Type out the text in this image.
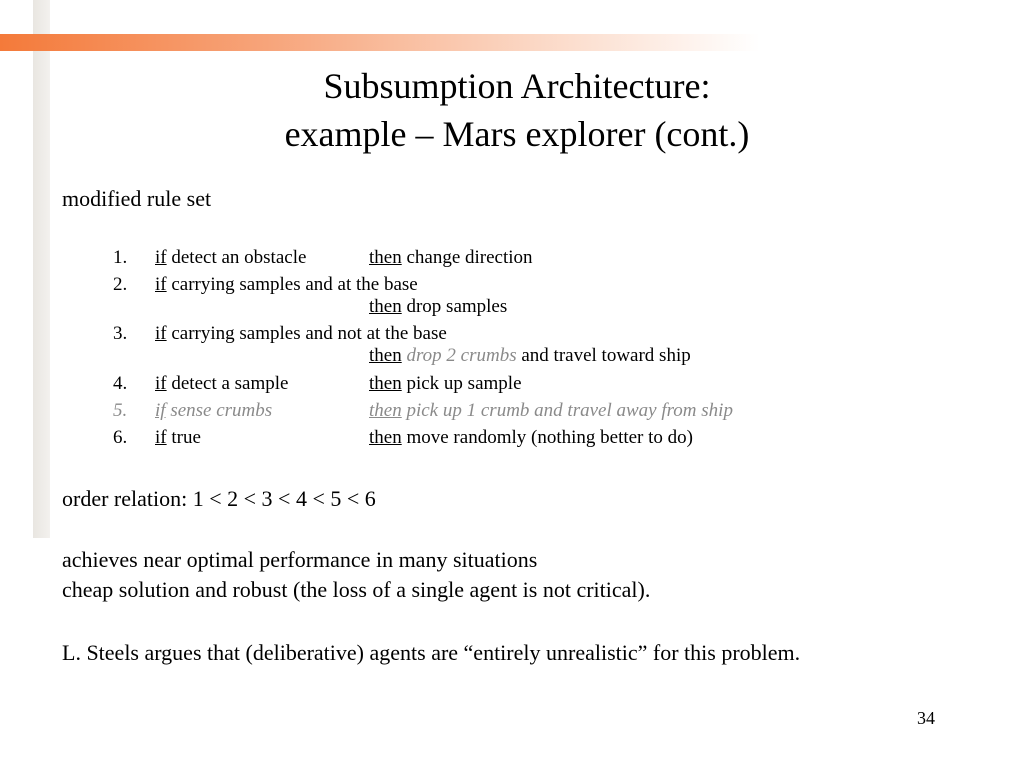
Subsumption Architecture:
example – Mars explorer (cont.)
modified rule set
1. if detect an obstacle	then change direction
2. if carrying samples and at the base
then drop samples
3. if carrying samples and not at the base
then drop 2 crumbs and travel toward ship
4. if detect a sample	then pick up sample
5. if sense crumbs	then pick up 1 crumb and travel away from ship
6. if true	then move randomly (nothing better to do)
order relation: 1 < 2 < 3 < 4 < 5 < 6
achieves near optimal performance in many situations
cheap solution and robust (the loss of a single agent is not critical).
L. Steels argues that (deliberative) agents are “entirely unrealistic” for this problem.
34
